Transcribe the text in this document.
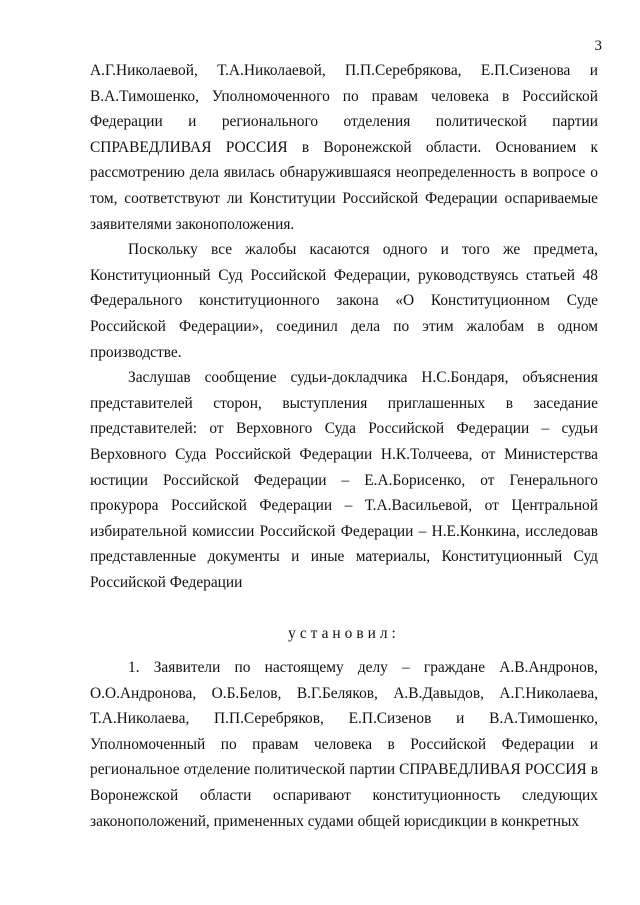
3

А.Г.Николаевой, Т.А.Николаевой, П.П.Серебрякова, Е.П.Сизенова и В.А.Тимошенко, Уполномоченного по правам человека в Российской Федерации и регионального отделения политической партии СПРАВЕДЛИВАЯ РОССИЯ в Воронежской области. Основанием к рассмотрению дела явилась обнаружившаяся неопределенность в вопросе о том, соответствуют ли Конституции Российской Федерации оспариваемые заявителями законоположения.

Поскольку все жалобы касаются одного и того же предмета, Конституционный Суд Российской Федерации, руководствуясь статьей 48 Федерального конституционного закона «О Конституционном Суде Российской Федерации», соединил дела по этим жалобам в одном производстве.

Заслушав сообщение судьи-докладчика Н.С.Бондаря, объяснения представителей сторон, выступления приглашенных в заседание представителей: от Верховного Суда Российской Федерации – судьи Верховного Суда Российской Федерации Н.К.Толчеева, от Министерства юстиции Российской Федерации – Е.А.Борисенко, от Генерального прокурора Российской Федерации – Т.А.Васильевой, от Центральной избирательной комиссии Российской Федерации – Н.Е.Конкина, исследовав представленные документы и иные материалы, Конституционный Суд Российской Федерации

установил:

1. Заявители по настоящему делу – граждане А.В.Андронов, О.О.Андронова, О.Б.Белов, В.Г.Беляков, А.В.Давыдов, А.Г.Николаева, Т.А.Николаева, П.П.Серебряков, Е.П.Сизенов и В.А.Тимошенко, Уполномоченный по правам человека в Российской Федерации и региональное отделение политической партии СПРАВЕДЛИВАЯ РОССИЯ в Воронежской области оспаривают конституционность следующих законоположений, примененных судами общей юрисдикции в конкретных
